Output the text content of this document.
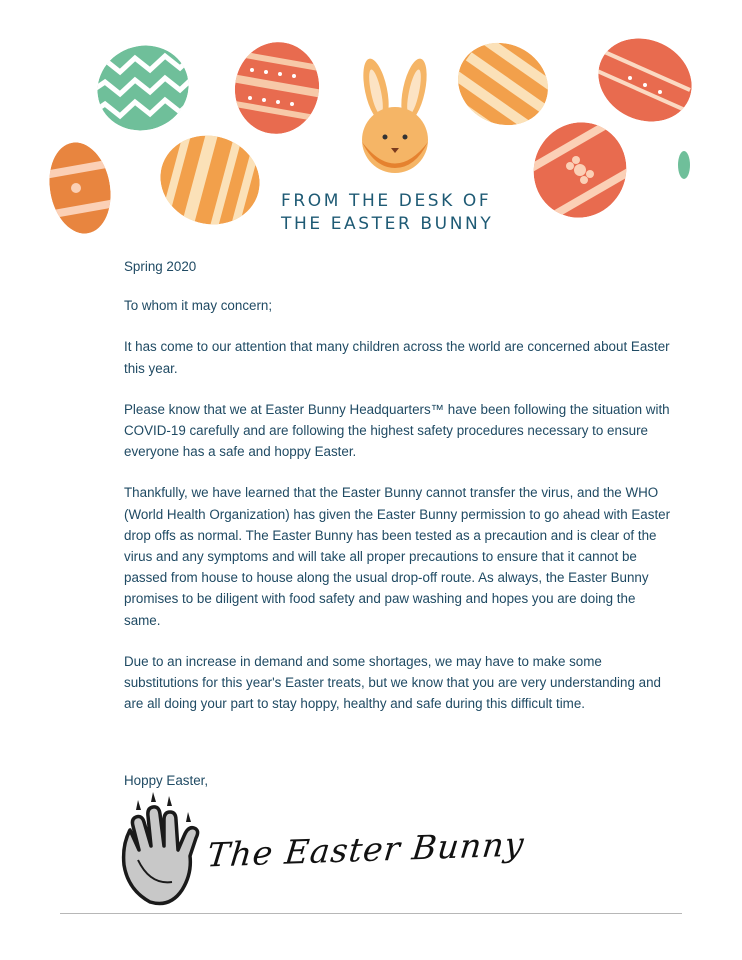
FROM THE DESK OF
THE EASTER BUNNY

Spring 2020

To whom it may concern;

It has come to our attention that many children across the world are concerned about Easter this year.

Please know that we at Easter Bunny Headquarters™ have been following the situation with COVID-19 carefully and are following the highest safety procedures necessary to ensure everyone has a safe and hoppy Easter.

Thankfully, we have learned that the Easter Bunny cannot transfer the virus, and the WHO (World Health Organization) has given the Easter Bunny permission to go ahead with Easter drop offs as normal. The Easter Bunny has been tested as a precaution and is clear of the virus and any symptoms and will take all proper precautions to ensure that it cannot be passed from house to house along the usual drop-off route. As always, the Easter Bunny promises to be diligent with food safety and paw washing and hopes you are doing the same.

Due to an increase in demand and some shortages, we may have to make some substitutions for this year's Easter treats, but we know that you are very understanding and are all doing your part to stay hoppy, healthy and safe during this difficult time.

Hoppy Easter,
The Easter Bunny
